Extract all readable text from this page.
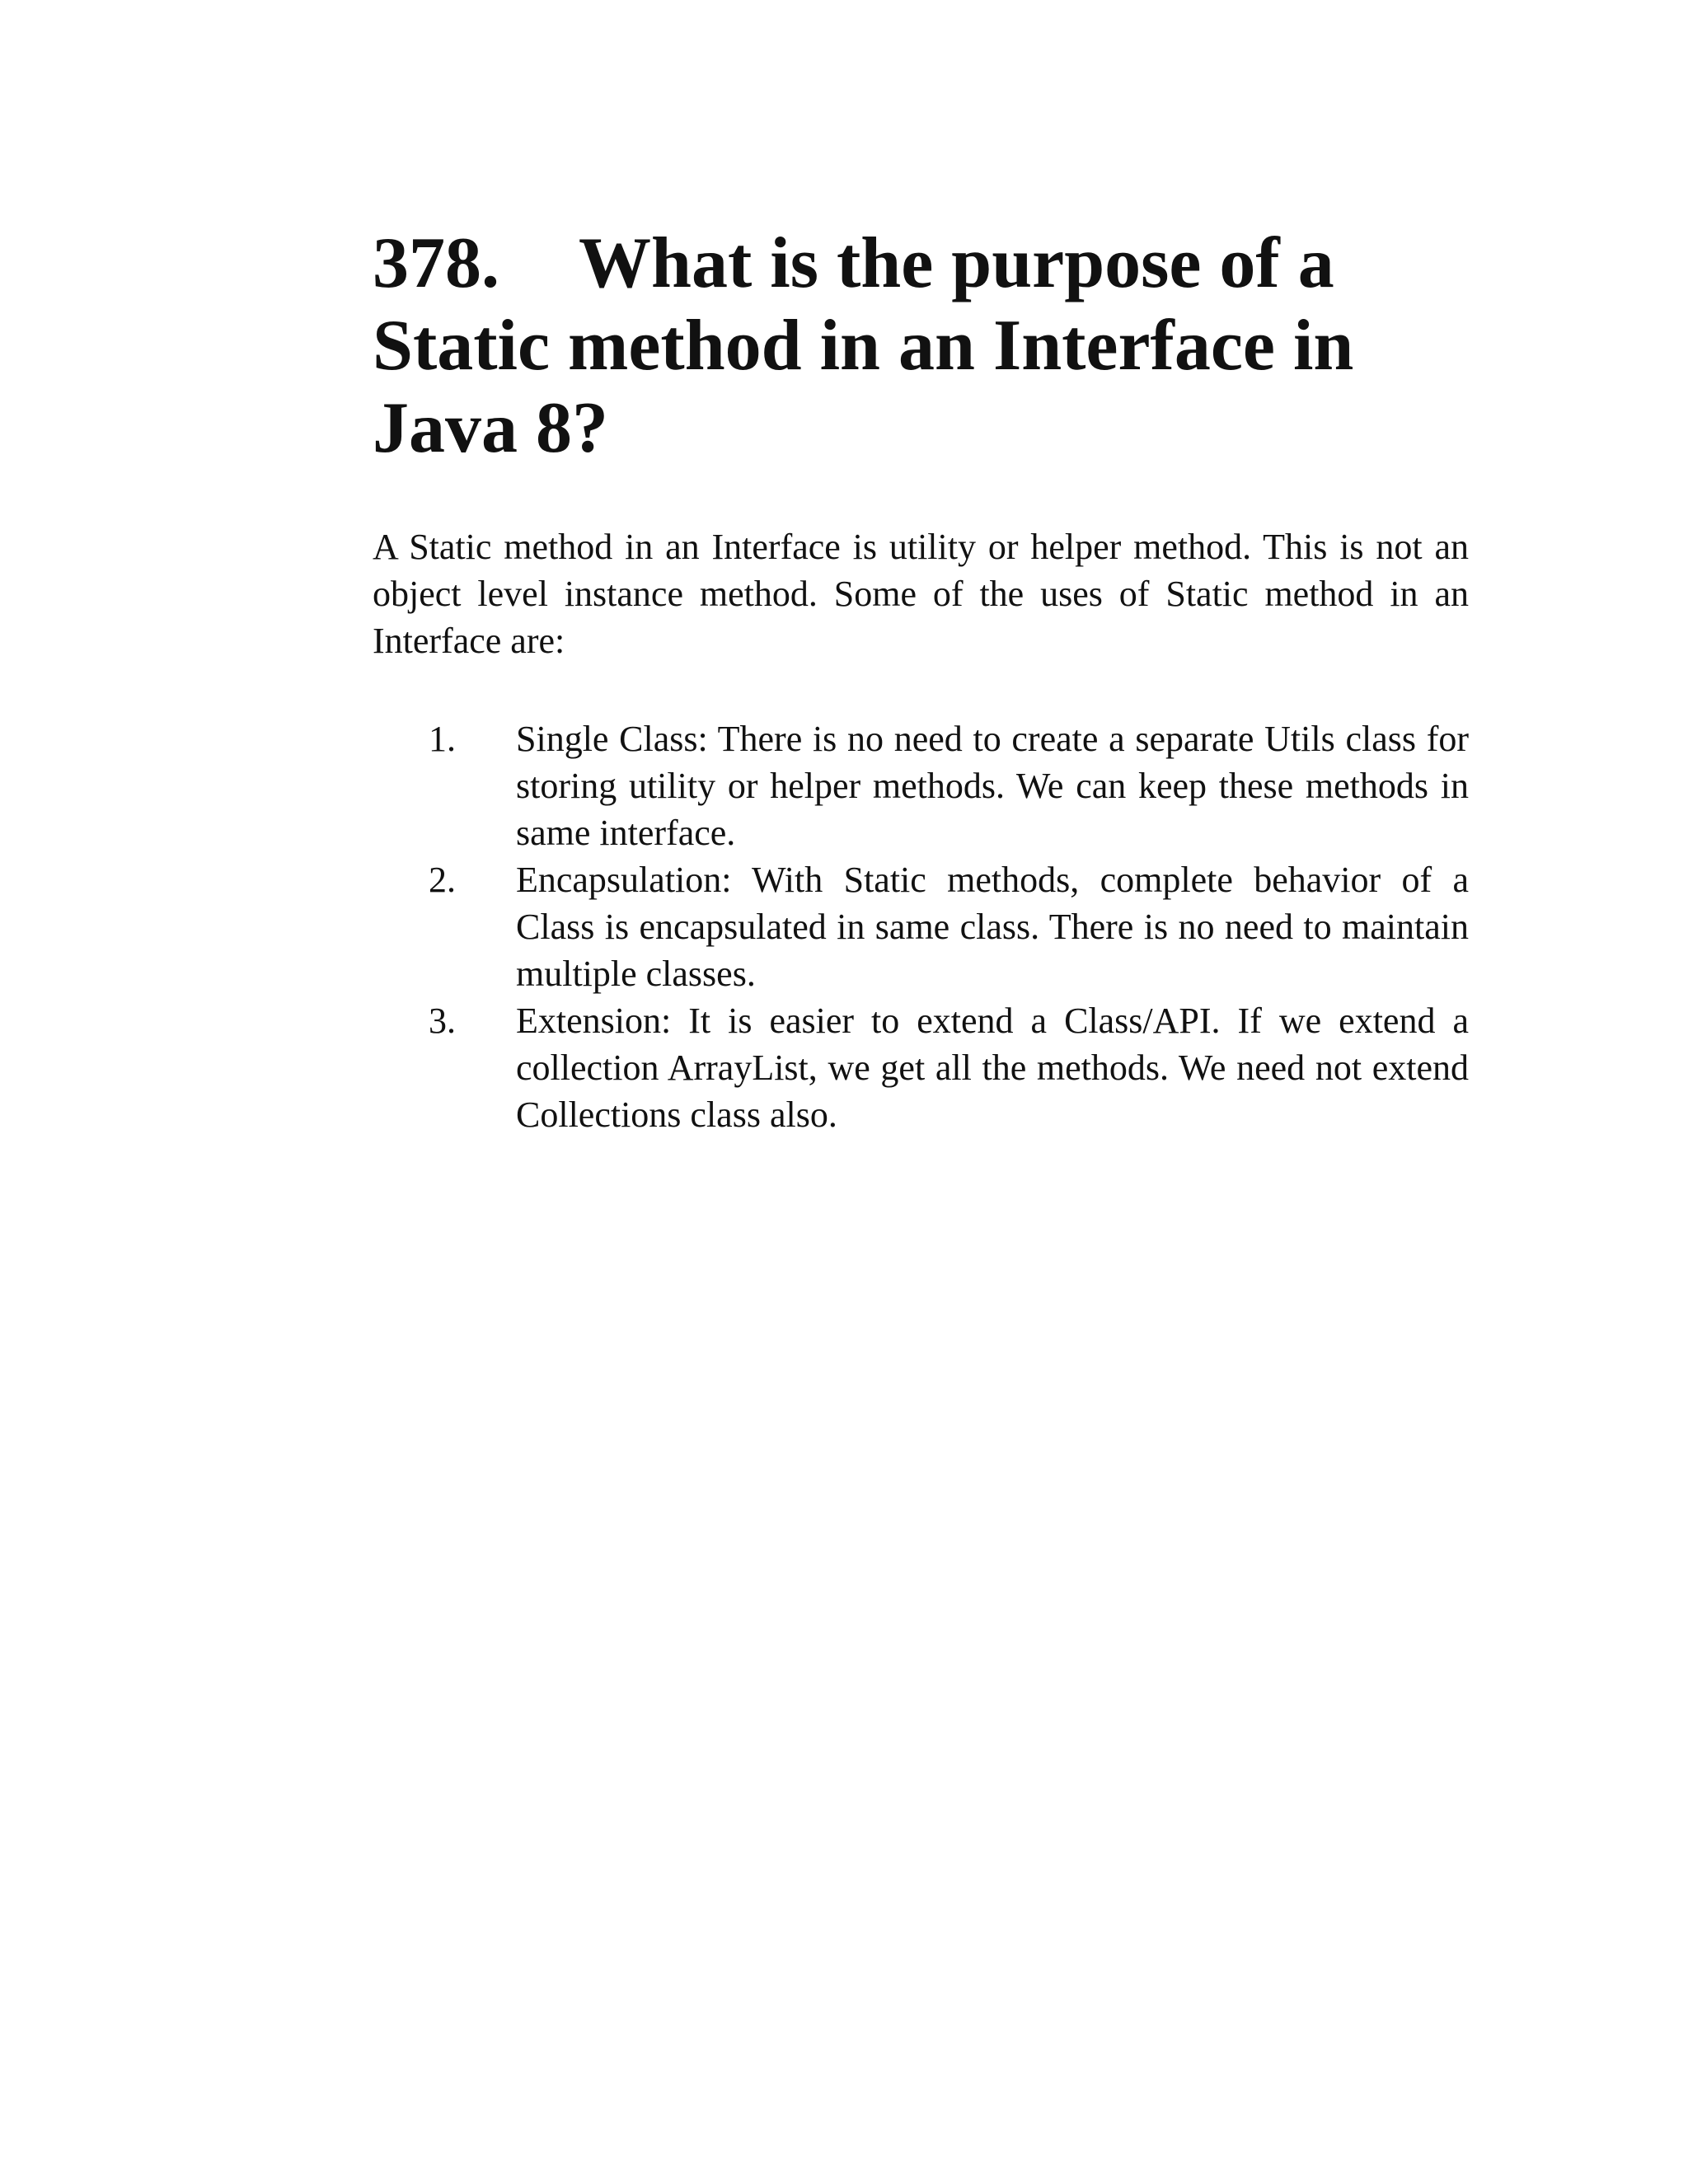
378. What is the purpose of a Static method in an Interface in Java 8?

A Static method in an Interface is utility or helper method. This is not an object level instance method. Some of the uses of Static method in an Interface are:

1. Single Class: There is no need to create a separate Utils class for storing utility or helper methods. We can keep these methods in same interface.
2. Encapsulation: With Static methods, complete behavior of a Class is encapsulated in same class. There is no need to maintain multiple classes.
3. Extension: It is easier to extend a Class/API. If we extend a collection ArrayList, we get all the methods. We need not extend Collections class also.
